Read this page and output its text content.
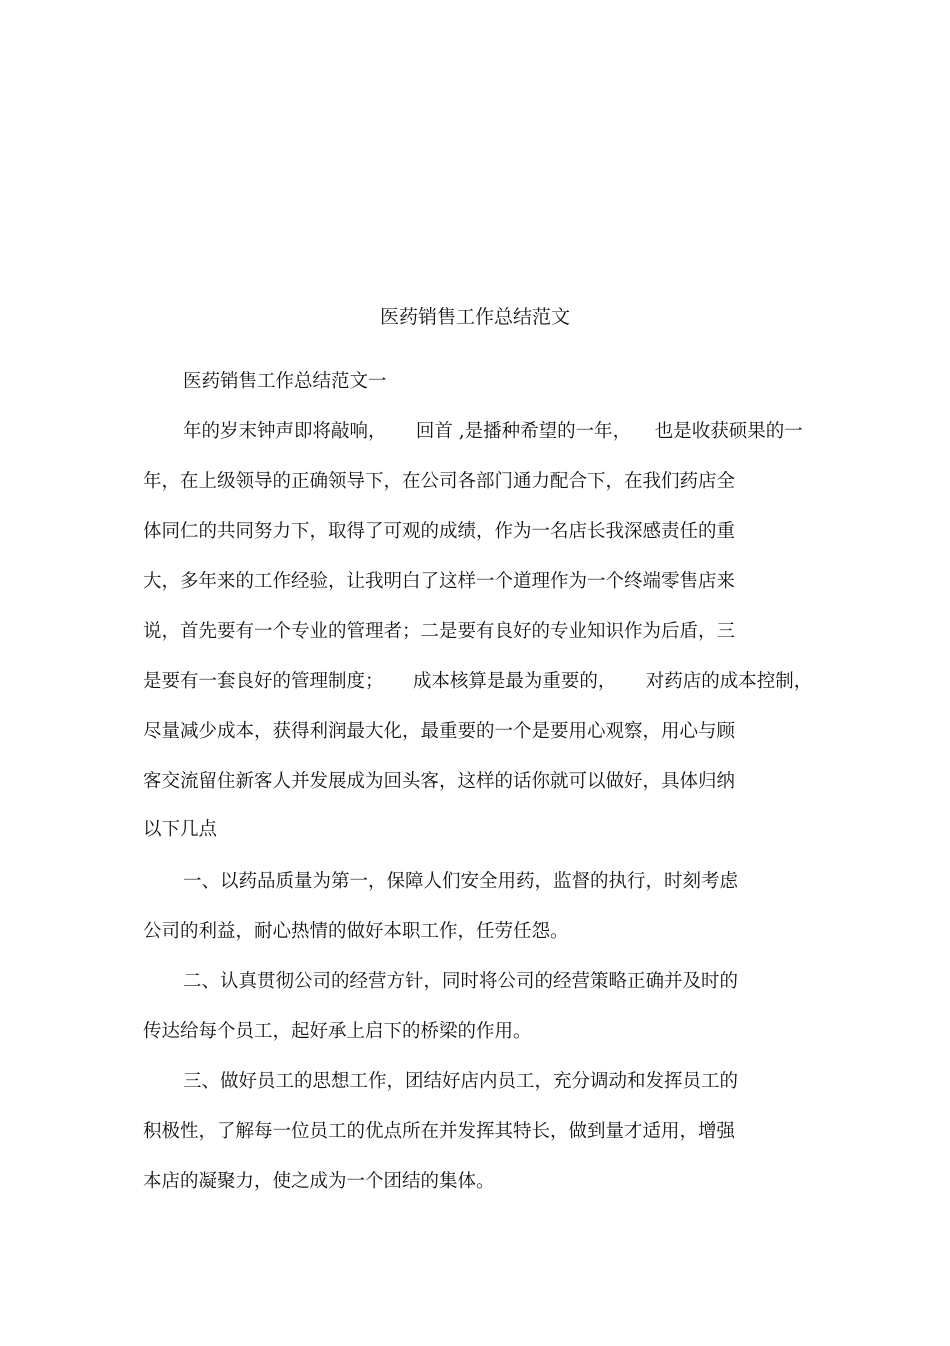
医药销售工作总结范文
医药销售工作总结范文一
年的岁末钟声即将敲响，     回首 ,是播种希望的一年，    也是收获硕果的一
年，在上级领导的正确领导下，在公司各部门通力配合下，在我们药店全
体同仁的共同努力下，取得了可观的成绩，作为一名店长我深感责任的重
大，多年来的工作经验，让我明白了这样一个道理作为一个终端零售店来
说，首先要有一个专业的管理者；二是要有良好的专业知识作为后盾，三
是要有一套良好的管理制度；     成本核算是最为重要的，     对药店的成本控制，
尽量减少成本，获得利润最大化，最重要的一个是要用心观察，用心与顾
客交流留住新客人并发展成为回头客，这样的话你就可以做好，具体归纳
以下几点
一、以药品质量为第一，保障人们安全用药，监督的执行，时刻考虑
公司的利益，耐心热情的做好本职工作，任劳任怨。
二、认真贯彻公司的经营方针，同时将公司的经营策略正确并及时的
传达给每个员工，起好承上启下的桥梁的作用。
三、做好员工的思想工作，团结好店内员工，充分调动和发挥员工的
积极性，了解每一位员工的优点所在并发挥其特长，做到量才适用，增强
本店的凝聚力，使之成为一个团结的集体。
